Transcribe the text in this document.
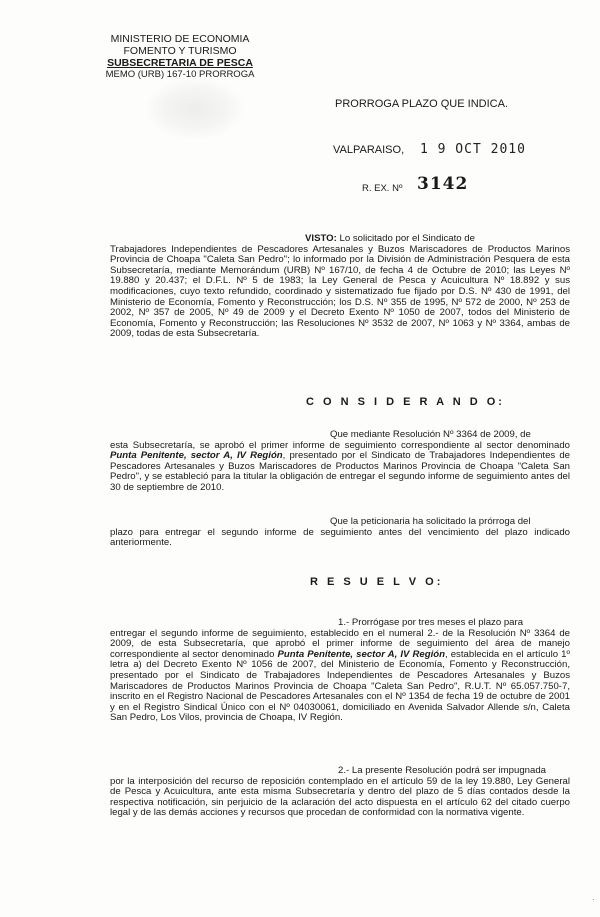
MINISTERIO DE ECONOMIA
FOMENTO Y TURISMO
SUBSECRETARIA DE PESCA
MEMO (URB) 167-10 PRORROGA
PRORROGA PLAZO QUE INDICA.
VALPARAISO, 1 9 OCT 2010
R. EX. Nº 3142
VISTO: Lo solicitado por el Sindicato de
Trabajadores Independientes de Pescadores Artesanales y Buzos Mariscadores de Productos Marinos Provincia de Choapa "Caleta San Pedro"; lo informado por la División de Administración Pesquera de esta Subsecretaría, mediante Memorándum (URB) Nº 167/10, de fecha 4 de Octubre de 2010; las Leyes Nº 19.880 y 20.437; el D.F.L. Nº 5 de 1983; la Ley General de Pesca y Acuicultura Nº 18.892 y sus modificaciones, cuyo texto refundido, coordinado y sistematizado fue fijado por D.S. Nº 430 de 1991, del Ministerio de Economía, Fomento y Reconstrucción; los D.S. Nº 355 de 1995, Nº 572 de 2000, Nº 253 de 2002, Nº 357 de 2005, Nº 49 de 2009 y el Decreto Exento Nº 1050 de 2007, todos del Ministerio de Economía, Fomento y Reconstrucción; las Resoluciones Nº 3532 de 2007, Nº 1063 y Nº 3364, ambas de 2009, todas de esta Subsecretaría.
C O N S I D E R A N D O:
Que mediante Resolución Nº 3364 de 2009, de
esta Subsecretaría, se aprobó el primer informe de seguimiento correspondiente al sector denominado Punta Penitente, sector A, IV Región, presentado por el Sindicato de Trabajadores Independientes de Pescadores Artesanales y Buzos Mariscadores de Productos Marinos Provincia de Choapa "Caleta San Pedro", y se estableció para la titular la obligación de entregar el segundo informe de seguimiento antes del 30 de septiembre de 2010.
Que la peticionaria ha solicitado la prórroga del
plazo para entregar el segundo informe de seguimiento antes del vencimiento del plazo indicado anteriormente.
R E S U E L V O:
1.- Prorrógase por tres meses el plazo para
entregar el segundo informe de seguimiento, establecido en el numeral 2.- de la Resolución Nº 3364 de 2009, de esta Subsecretaría, que aprobó el primer informe de seguimiento del área de manejo correspondiente al sector denominado Punta Penitente, sector A, IV Región, establecida en el artículo 1º letra a) del Decreto Exento Nº 1056 de 2007, del Ministerio de Economía, Fomento y Reconstrucción, presentado por el Sindicato de Trabajadores Independientes de Pescadores Artesanales y Buzos Mariscadores de Productos Marinos Provincia de Choapa "Caleta San Pedro", R.U.T. Nº 65.057.750-7, inscrito en el Registro Nacional de Pescadores Artesanales con el Nº 1354 de fecha 19 de octubre de 2001 y en el Registro Sindical Único con el Nº 04030061, domiciliado en Avenida Salvador Allende s/n, Caleta San Pedro, Los Vilos, provincia de Choapa, IV Región.
2.- La presente Resolución podrá ser impugnada
por la interposición del recurso de reposición contemplado en el artículo 59 de la ley 19.880, Ley General de Pesca y Acuicultura, ante esta misma Subsecretaría y dentro del plazo de 5 días contados desde la respectiva notificación, sin perjuicio de la aclaración del acto dispuesta en el artículo 62 del citado cuerpo legal y de las demás acciones y recursos que procedan de conformidad con la normativa vigente.
·
